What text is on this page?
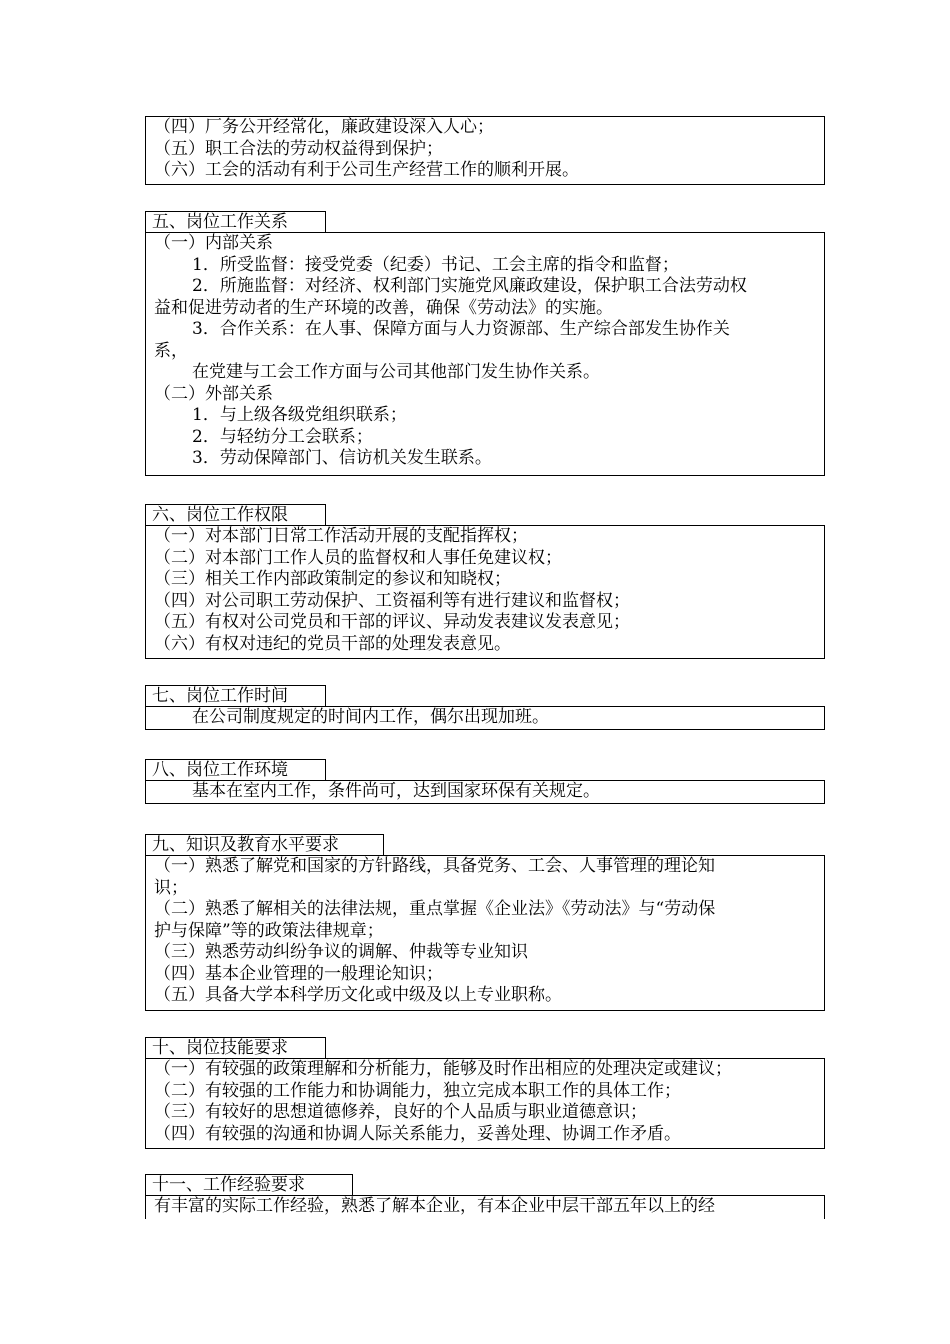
（四）厂务公开经常化，廉政建设深入人心；
（五）职工合法的劳动权益得到保护；
（六）工会的活动有利于公司生产经营工作的顺利开展。
五、岗位工作关系
（一）内部关系
1．所受监督：接受党委（纪委）书记、工会主席的指令和监督；
2．所施监督：对经济、权利部门实施党风廉政建设，保护职工合法劳动权
益和促进劳动者的生产环境的改善，确保《劳动法》的实施。
3．合作关系：在人事、保障方面与人力资源部、生产综合部发生协作关
系，
在党建与工会工作方面与公司其他部门发生协作关系。
（二）外部关系
1．与上级各级党组织联系；
2．与轻纺分工会联系；
3．劳动保障部门、信访机关发生联系。
六、岗位工作权限
（一）对本部门日常工作活动开展的支配指挥权；
（二）对本部门工作人员的监督权和人事任免建议权；
（三）相关工作内部政策制定的参议和知晓权；
（四）对公司职工劳动保护、工资福利等有进行建议和监督权；
（五）有权对公司党员和干部的评议、异动发表建议发表意见；
（六）有权对违纪的党员干部的处理发表意见。
七、岗位工作时间
在公司制度规定的时间内工作，偶尔出现加班。
八、岗位工作环境
基本在室内工作，条件尚可，达到国家环保有关规定。
九、知识及教育水平要求
（一）熟悉了解党和国家的方针路线，具备党务、工会、人事管理的理论知
识；
（二）熟悉了解相关的法律法规，重点掌握《企业法》《劳动法》与“劳动保
护与保障”等的政策法律规章；
（三）熟悉劳动纠纷争议的调解、仲裁等专业知识
（四）基本企业管理的一般理论知识；
（五）具备大学本科学历文化或中级及以上专业职称。
十、岗位技能要求
（一）有较强的政策理解和分析能力，能够及时作出相应的处理决定或建议；
（二）有较强的工作能力和协调能力，独立完成本职工作的具体工作；
（三）有较好的思想道德修养，良好的个人品质与职业道德意识；
（四）有较强的沟通和协调人际关系能力，妥善处理、协调工作矛盾。
十一、工作经验要求
有丰富的实际工作经验，熟悉了解本企业，有本企业中层干部五年以上的经
